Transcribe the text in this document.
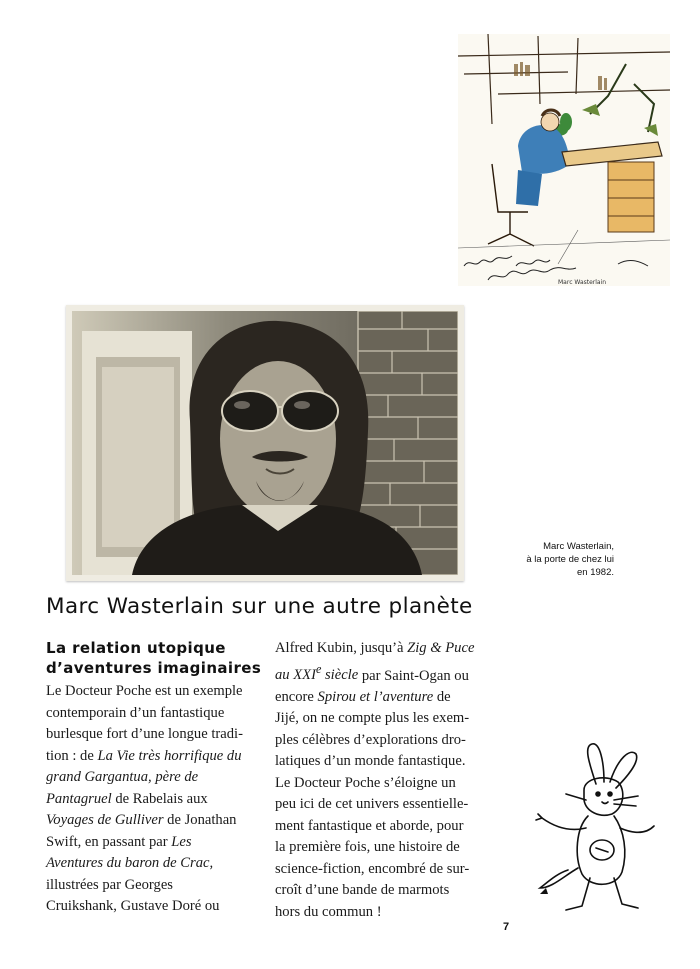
Marc Wasterlain
Marc Wasterlain,
à la porte de chez lui
en 1982.
Marc Wasterlain sur une autre planète
La relation utopique
d’aventures imaginaires
Le Docteur Poche est un exemple
contemporain d’un fantastique
burlesque fort d’une longue tradi-
tion : de La Vie très horrifique du
grand Gargantua, père de
Pantagruel de Rabelais aux
Voyages de Gulliver de Jonathan
Swift, en passant par Les
Aventures du baron de Crac,
illustrées par Georges
Cruikshank, Gustave Doré ou
Alfred Kubin, jusqu’à Zig & Puce
au XXIe siècle par Saint-Ogan ou
encore Spirou et l’aventure de
Jijé, on ne compte plus les exem-
ples célèbres d’explorations dro-
latiques d’un monde fantastique.
Le Docteur Poche s’éloigne un
peu ici de cet univers essentielle-
ment fantastique et aborde, pour
la première fois, une histoire de
science-fiction, encombré de sur-
croît d’une bande de marmots
hors du commun !
7
